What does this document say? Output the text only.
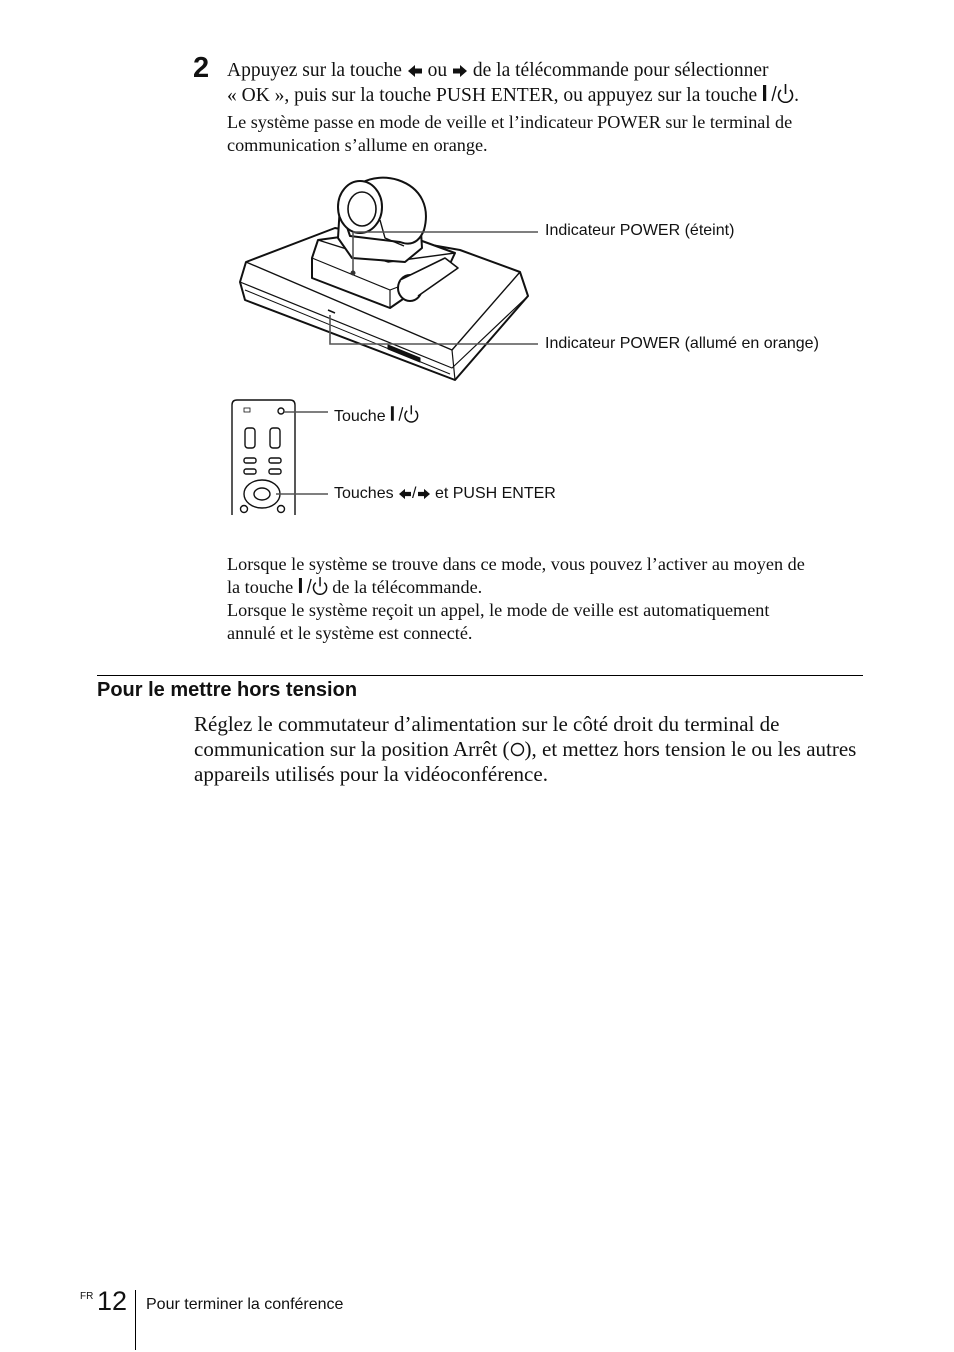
2 Appuyez sur la touche
ou
de la télécommande pour sélectionner
« OK », puis sur la touche PUSH ENTER, ou appuyez sur la touche
.
Le système passe en mode de veille et l’indicateur POWER sur le terminal de
communication s’allume en orange.
Indicateur POWER (éteint)
Indicateur POWER (allumé en orange)
Touche
Touches
/
et PUSH ENTER
Lorsque le système se trouve dans ce mode, vous pouvez l’activer au moyen de
la touche
de la télécommande.
Lorsque le système reçoit un appel, le mode de veille est automatiquement
annulé et le système est connecté.
Pour le mettre hors tension
Réglez le commutateur d’alimentation sur le côté droit du terminal de
communication sur la position Arrêt ( ), et mettez hors tension le ou les autres
appareils utilisés pour la vidéoconférence.
FR 12 Pour terminer la conférence
